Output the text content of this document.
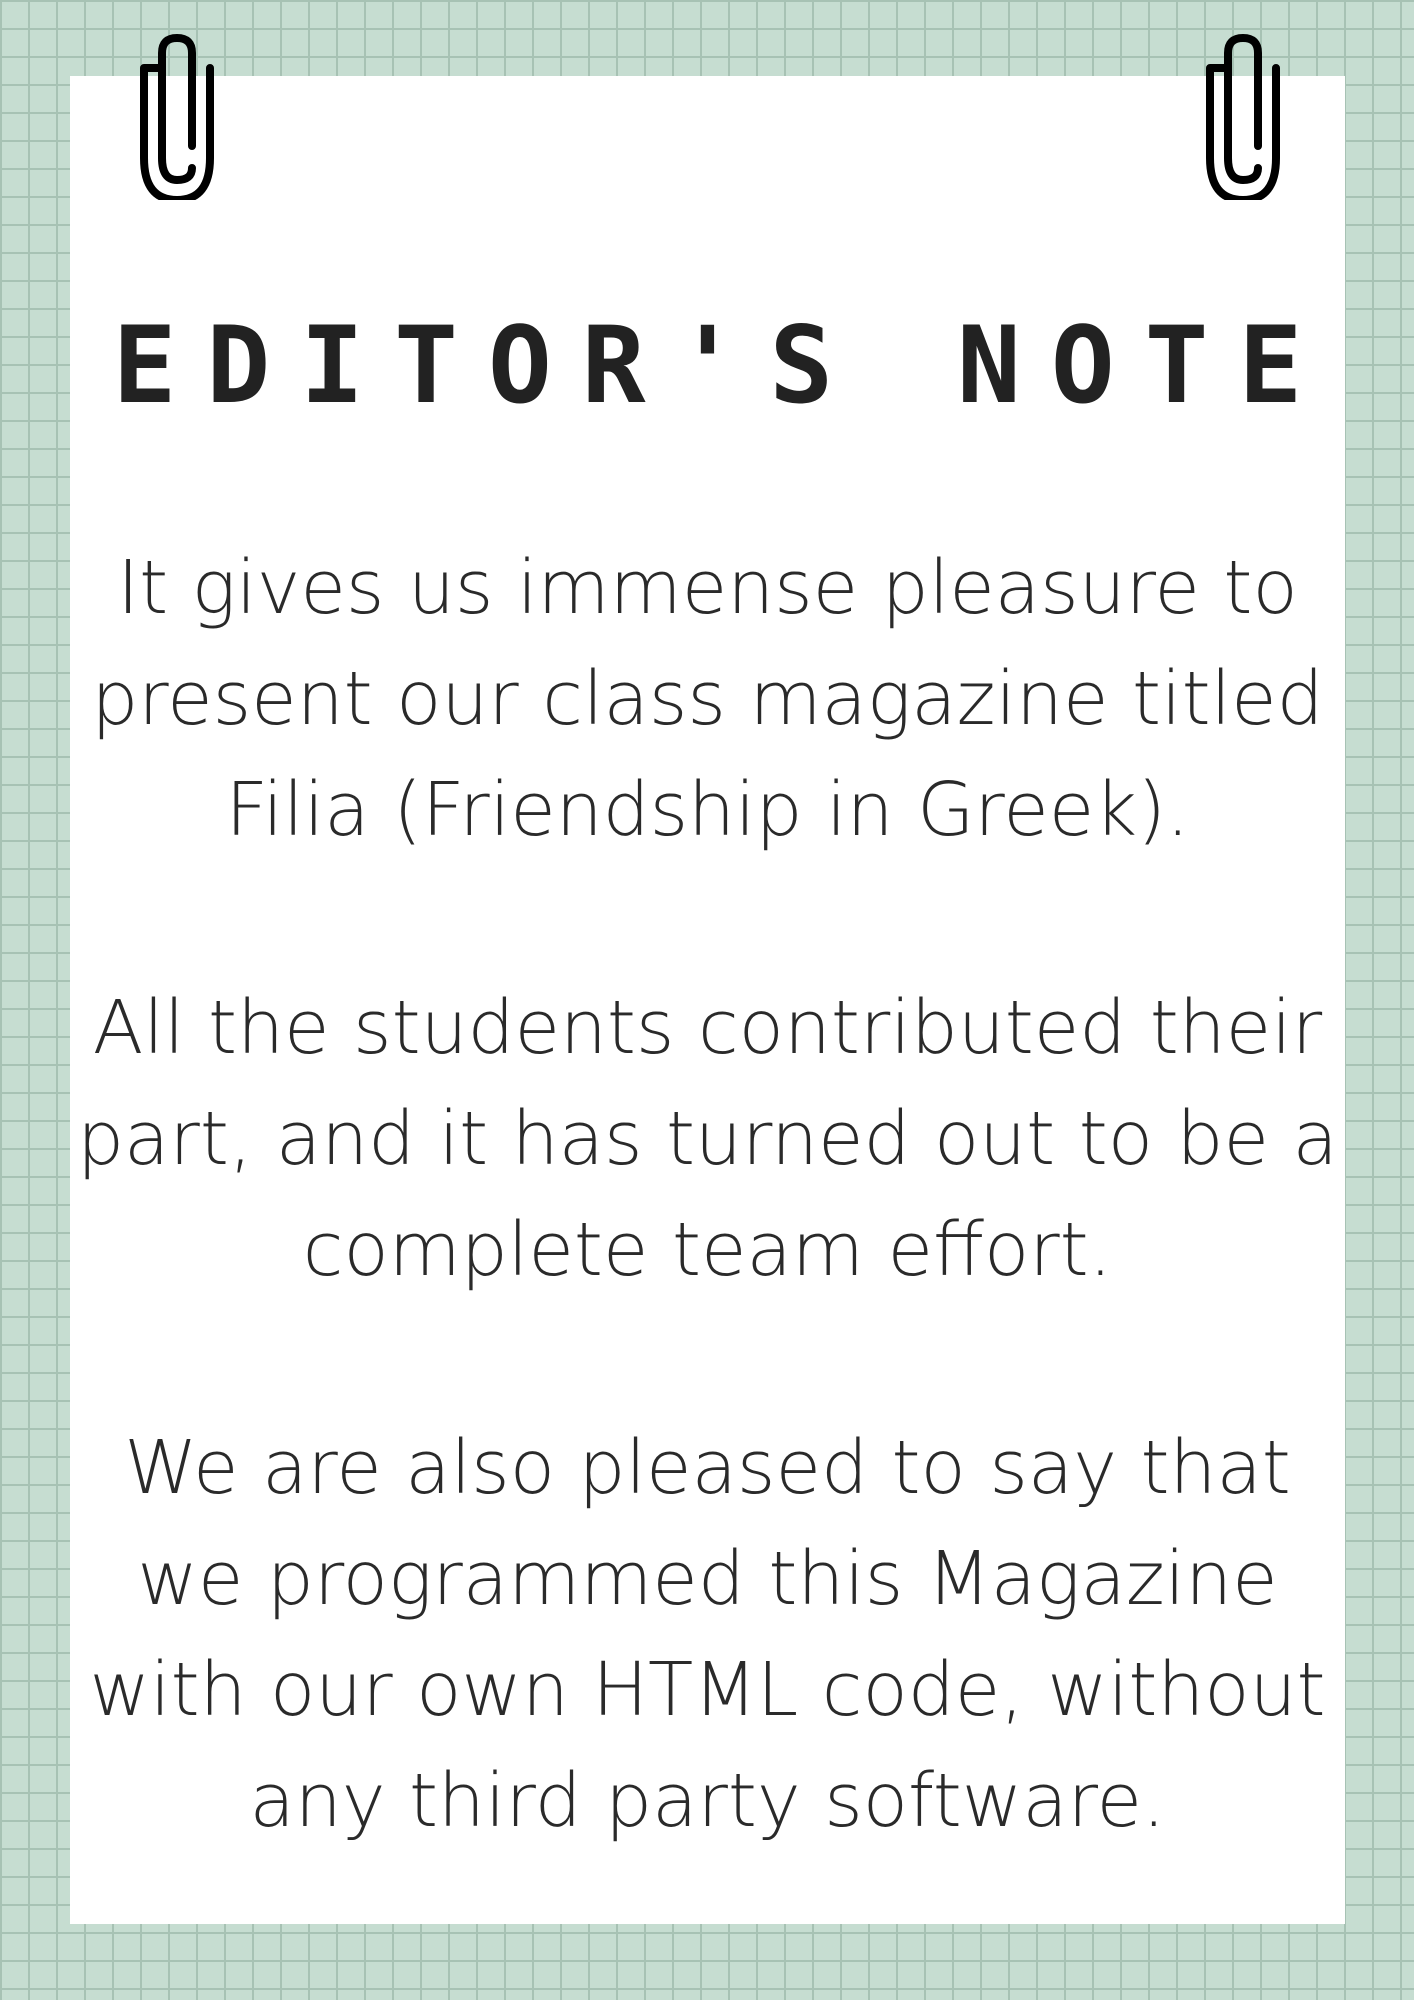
EDITOR'S NOTE

It gives us immense pleasure to present our class magazine titled Filia (Friendship in Greek).

All the students contributed their part, and it has turned out to be a complete team effort.

We are also pleased to say that we programmed this Magazine with our own HTML code, without any third party software.
